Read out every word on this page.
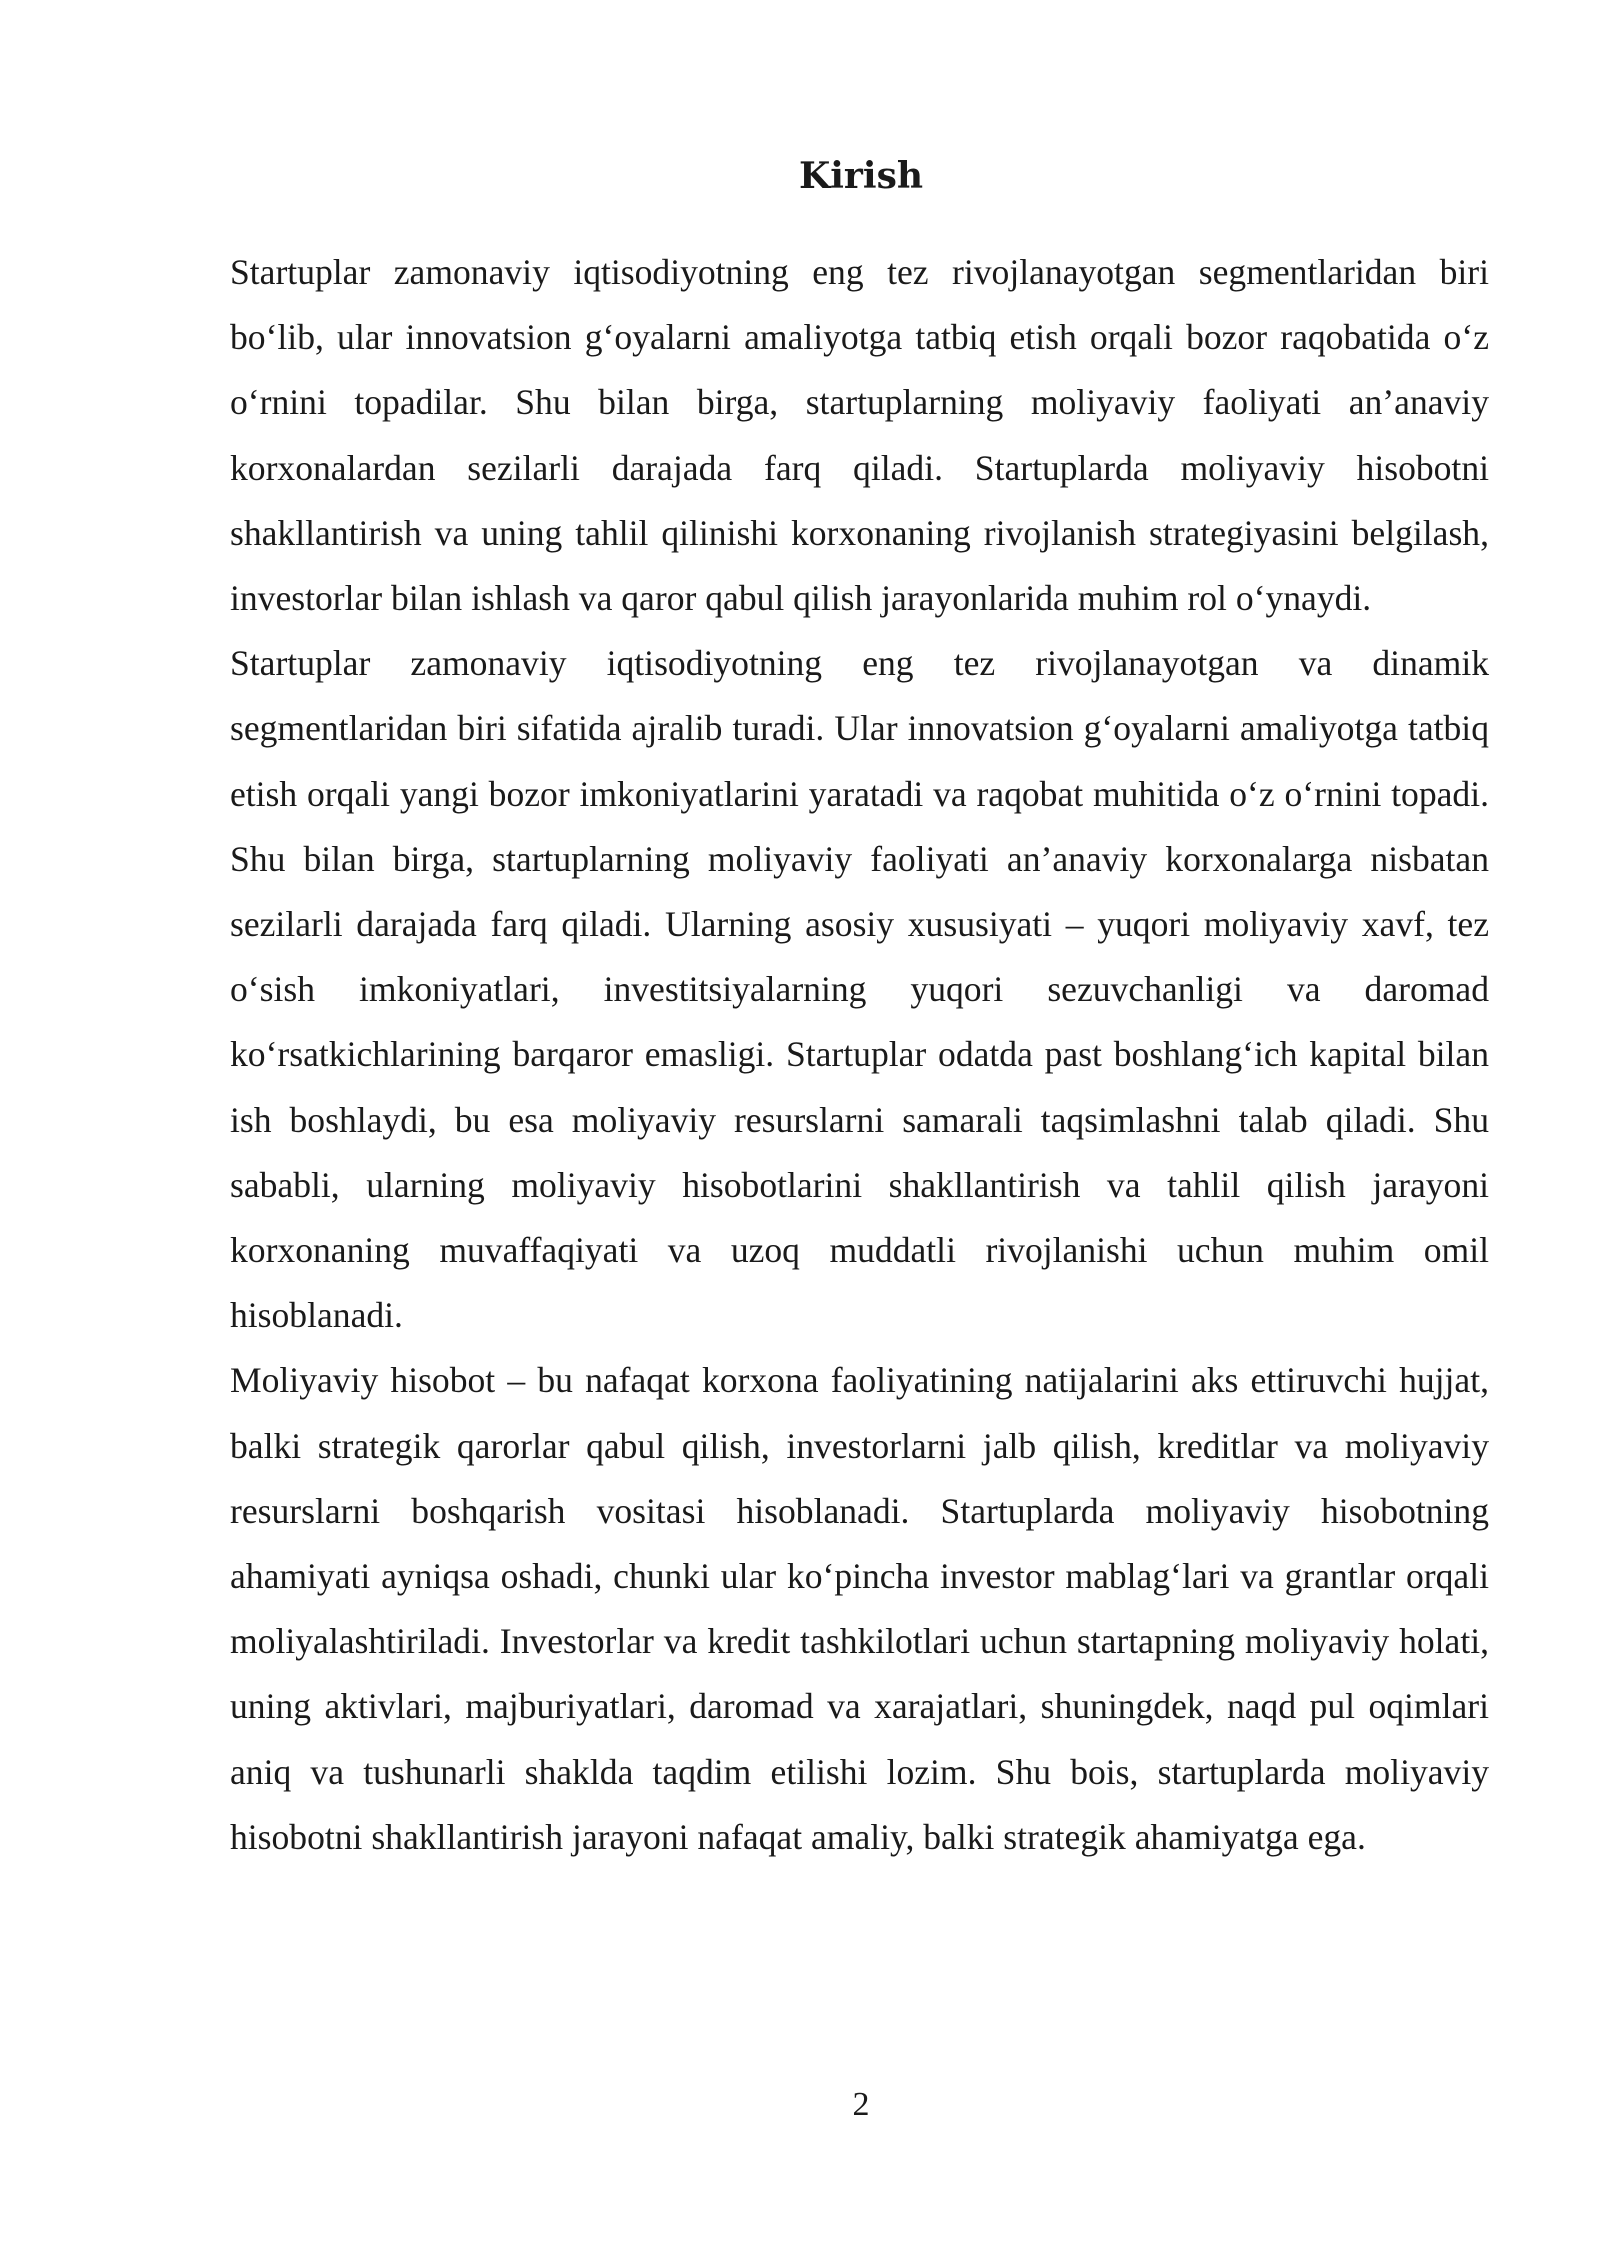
Kirish

Startuplar zamonaviy iqtisodiyotning eng tez rivojlanayotgan segmentlaridan biri bo‘lib, ular innovatsion g‘oyalarni amaliyotga tatbiq etish orqali bozor raqobatida o‘z o‘rnini topadilar. Shu bilan birga, startuplarning moliyaviy faoliyati an’anaviy korxonalardan sezilarli darajada farq qiladi. Startuplarda moliyaviy hisobotni shakllantirish va uning tahlil qilinishi korxonaning rivojlanish strategiyasini belgilash, investorlar bilan ishlash va qaror qabul qilish jarayonlarida muhim rol o‘ynaydi.

Startuplar zamonaviy iqtisodiyotning eng tez rivojlanayotgan va dinamik segmentlaridan biri sifatida ajralib turadi. Ular innovatsion g‘oyalarni amaliyotga tatbiq etish orqali yangi bozor imkoniyatlarini yaratadi va raqobat muhitida o‘z o‘rnini topadi. Shu bilan birga, startuplarning moliyaviy faoliyati an’anaviy korxonalarga nisbatan sezilarli darajada farq qiladi. Ularning asosiy xususiyati – yuqori moliyaviy xavf, tez o‘sish imkoniyatlari, investitsiyalarning yuqori sezuvchanligi va daromad ko‘rsatkichlarining barqaror emasligi. Startuplar odatda past boshlang‘ich kapital bilan ish boshlaydi, bu esa moliyaviy resurslarni samarali taqsimlashni talab qiladi. Shu sababli, ularning moliyaviy hisobotlarini shakllantirish va tahlil qilish jarayoni korxonaning muvaffaqiyati va uzoq muddatli rivojlanishi uchun muhim omil hisoblanadi.

Moliyaviy hisobot – bu nafaqat korxona faoliyatining natijalarini aks ettiruvchi hujjat, balki strategik qarorlar qabul qilish, investorlarni jalb qilish, kreditlar va moliyaviy resurslarni boshqarish vositasi hisoblanadi. Startuplarda moliyaviy hisobotning ahamiyati ayniqsa oshadi, chunki ular ko‘pincha investor mablag‘lari va grantlar orqali moliyalashtiriladi. Investorlar va kredit tashkilotlari uchun startapning moliyaviy holati, uning aktivlari, majburiyatlari, daromad va xarajatlari, shuningdek, naqd pul oqimlari aniq va tushunarli shaklda taqdim etilishi lozim. Shu bois, startuplarda moliyaviy hisobotni shakllantirish jarayoni nafaqat amaliy, balki strategik ahamiyatga ega.

2
